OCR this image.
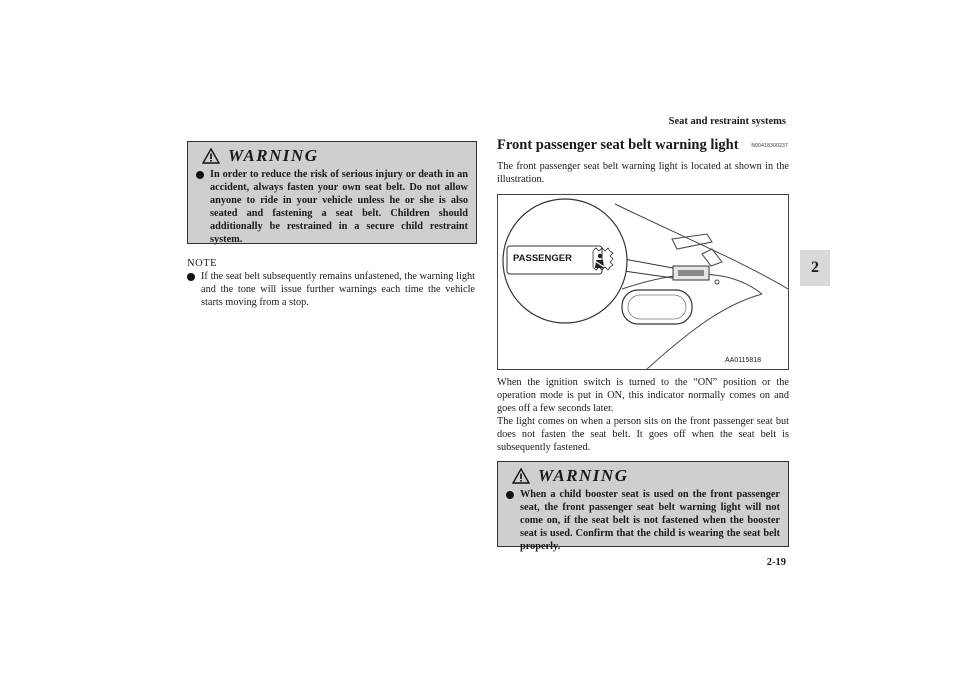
Seat and restraint systems
2
WARNING
In order to reduce the risk of serious injury or death in an accident, always fasten your own seat belt. Do not allow anyone to ride in your vehicle unless he or she is also seated and fastening a seat belt. Children should additionally be restrained in a secure child restraint system.
NOTE
If the seat belt subsequently remains unfastened, the warning light and the tone will issue further warnings each time the vehicle starts moving from a stop.
Front passenger seat belt warning light	N00418300237
The front passenger seat belt warning light is located at shown in the illustration.
PASSENGER
AA0115818
When the ignition switch is turned to the “ON” position or the operation mode is put in ON, this indicator normally comes on and goes off a few seconds later.
The light comes on when a person sits on the front passenger seat but does not fasten the seat belt. It goes off when the seat belt is subsequently fastened.
WARNING
When a child booster seat is used on the front passenger seat, the front passenger seat belt warning light will not come on, if the seat belt is not fastened when the booster seat is used. Confirm that the child is wearing the seat belt properly.
2-19
